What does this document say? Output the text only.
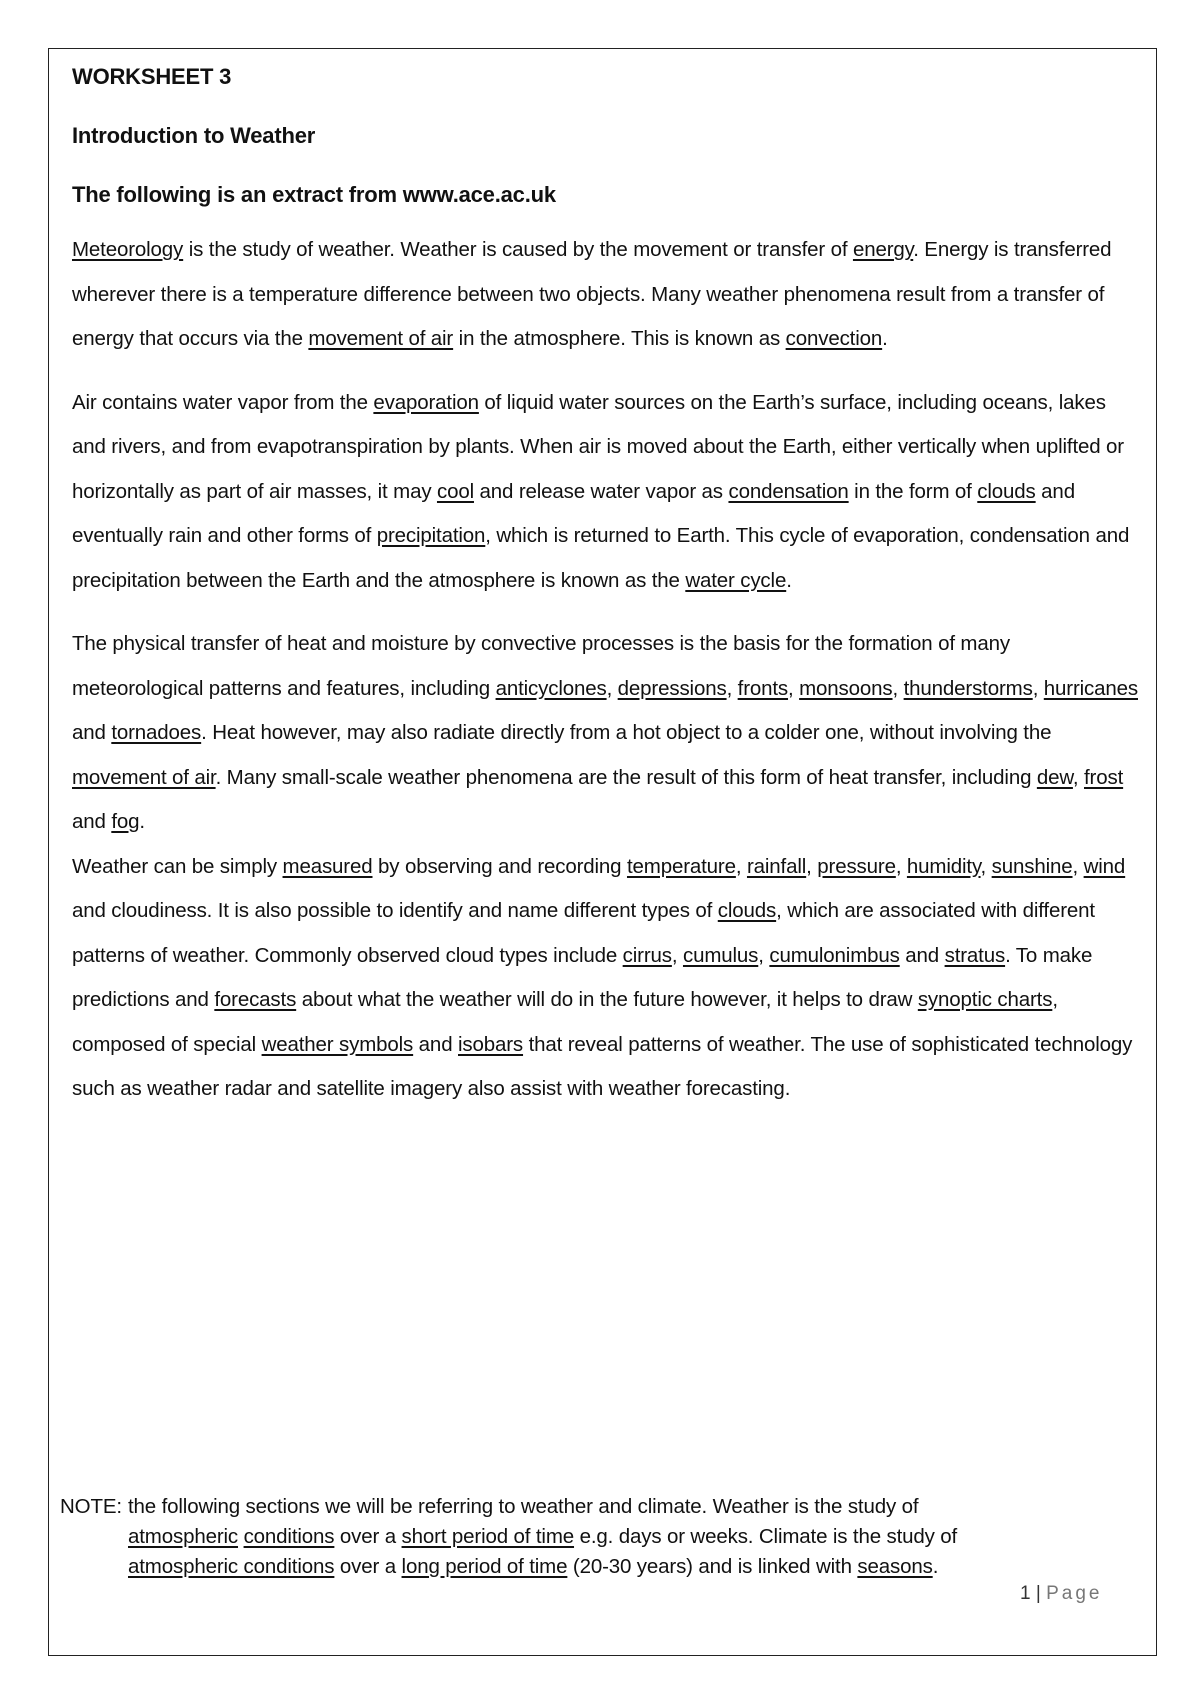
WORKSHEET 3
Introduction to Weather
The following is an extract from www.ace.ac.uk
Meteorology is the study of weather. Weather is caused by the movement or transfer of energy. Energy is transferred wherever there is a temperature difference between two objects. Many weather phenomena result from a transfer of energy that occurs via the movement of air in the atmosphere. This is known as convection.
Air contains water vapor from the evaporation of liquid water sources on the Earth’s surface, including oceans, lakes and rivers, and from evapotranspiration by plants. When air is moved about the Earth, either vertically when uplifted or horizontally as part of air masses, it may cool and release water vapor as condensation in the form of clouds and eventually rain and other forms of precipitation, which is returned to Earth. This cycle of evaporation, condensation and precipitation between the Earth and the atmosphere is known as the water cycle.
The physical transfer of heat and moisture by convective processes is the basis for the formation of many meteorological patterns and features, including anticyclones, depressions, fronts, monsoons, thunderstorms, hurricanes and tornadoes. Heat however, may also radiate directly from a hot object to a colder one, without involving the movement of air. Many small-scale weather phenomena are the result of this form of heat transfer, including dew, frost and fog.
Weather can be simply measured by observing and recording temperature, rainfall, pressure, humidity, sunshine, wind and cloudiness. It is also possible to identify and name different types of clouds, which are associated with different patterns of weather. Commonly observed cloud types include cirrus, cumulus, cumulonimbus and stratus. To make predictions and forecasts about what the weather will do in the future however, it helps to draw synoptic charts, composed of special weather symbols and isobars that reveal patterns of weather. The use of sophisticated technology such as weather radar and satellite imagery also assist with weather forecasting.
NOTE: the following sections we will be referring to weather and climate. Weather is the study of
atmospheric conditions over a short period of time e.g. days or weeks. Climate is the study of
atmospheric conditions over a long period of time (20-30 years) and is linked with seasons.
1 | Page
